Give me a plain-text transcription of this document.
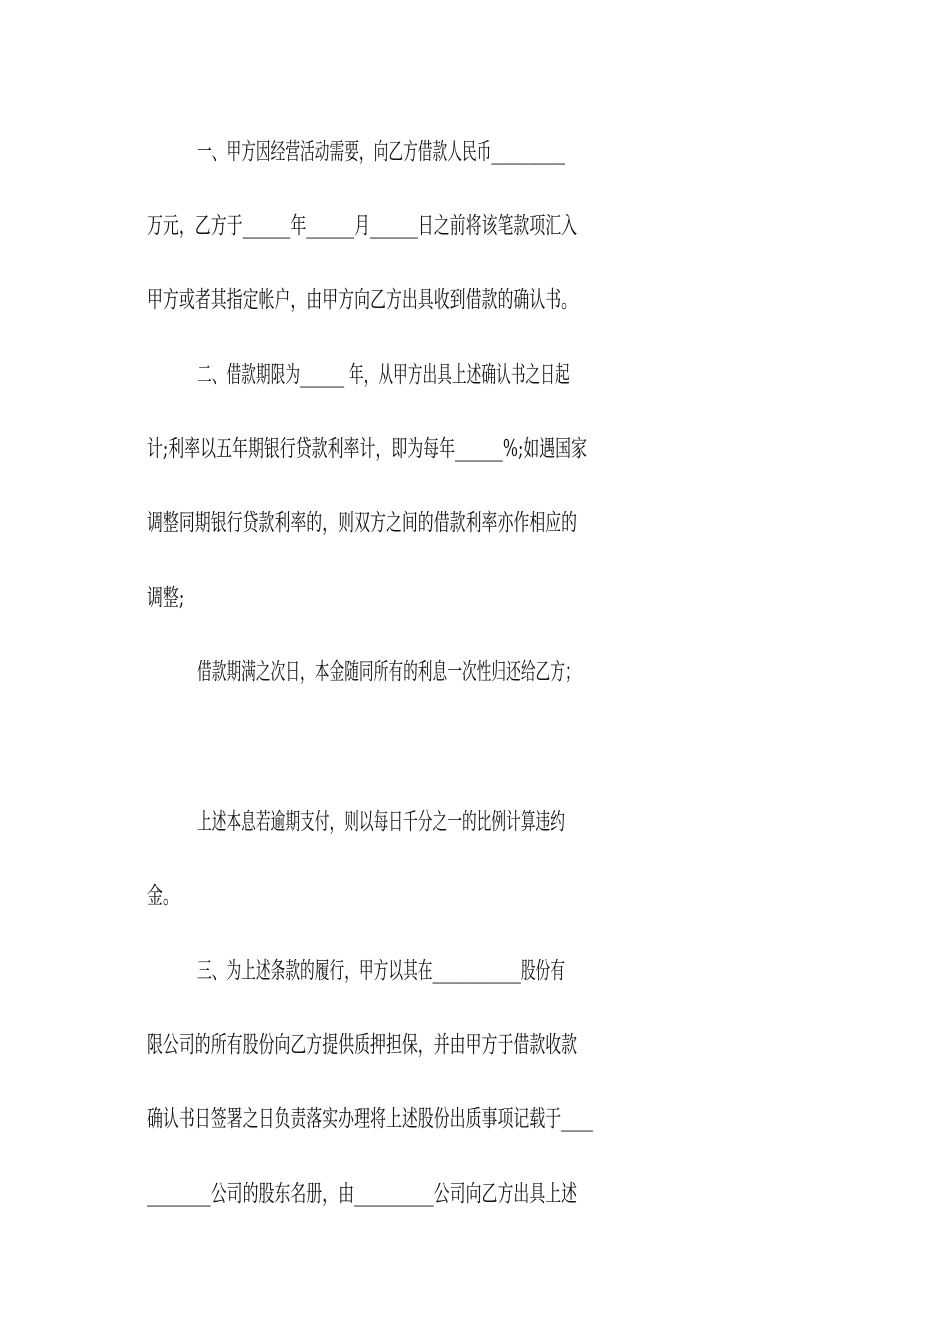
一、甲方因经营活动需要，向乙方借款人民币__________
万元，乙方于______年______月______日之前将该笔款项汇入
甲方或者其指定帐户，由甲方向乙方出具收到借款的确认书。
二、借款期限为______ 年，从甲方出具上述确认书之日起
计;利率以五年期银行贷款利率计，即为每年______%;如遇国家
调整同期银行贷款利率的，则双方之间的借款利率亦作相应的
调整;
借款期满之次日，本金随同所有的利息一次性归还给乙方；
上述本息若逾期支付，则以每日千分之一的比例计算违约
金。
三、为上述条款的履行，甲方以其在____________股份有
限公司的所有股份向乙方提供质押担保，并由甲方于借款收款
确认书日签署之日负责落实办理将上述股份出质事项记载于____
________公司的股东名册，由__________公司向乙方出具上述
